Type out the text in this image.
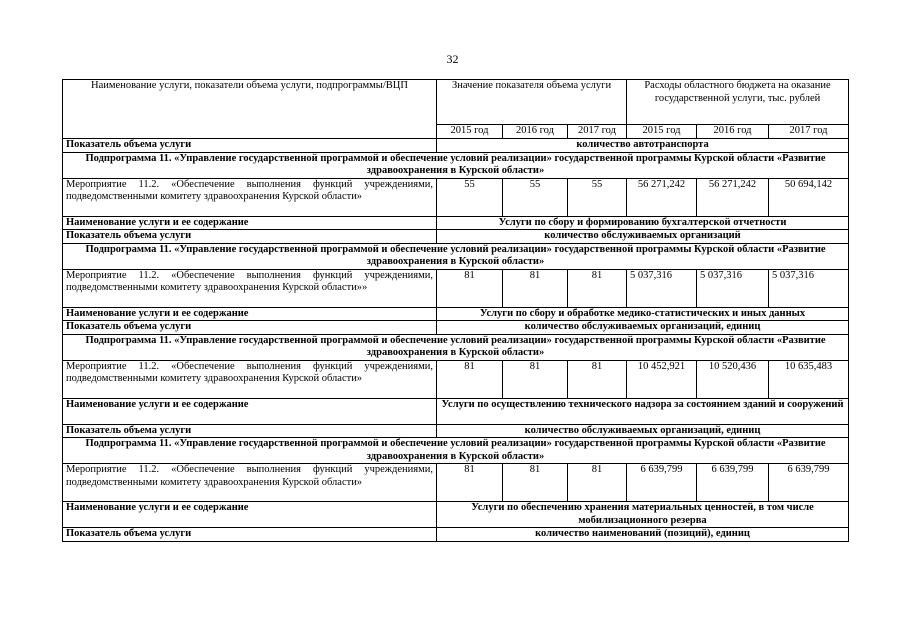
32
Наименование услуги, показатели объема услуги, подпрограммы/ВЦП	Значение показателя объема услуги			Расходы областного бюджета на оказание государственной услуги, тыс. рублей		
	2015 год	2016 год	2017 год	2015 год	2016 год	2017 год
Показатель объема услуги	количество автотранспорта					
Подпрограмма 11. «Управление государственной программой и обеспечение условий реализации» государственной программы Курской области «Развитие здравоохранения в Курской области»						
Мероприятие 11.2. «Обеспечение выполнения функций учреждениями, подведомственными комитету здравоохранения Курской области»	55	55	55	56 271,242	56 271,242	50 694,142
Наименование услуги и ее содержание	Услуги по сбору и формированию бухгалтерской отчетности					
Показатель объема услуги	количество обслуживаемых организаций					
Подпрограмма 11. «Управление государственной программой и обеспечение условий реализации» государственной программы Курской области «Развитие здравоохранения в Курской области»						
Мероприятие 11.2. «Обеспечение выполнения функций учреждениями, подведомственными комитету здравоохранения Курской области»»	81	81	81	5 037,316	5 037,316	5 037,316
Наименование услуги и ее содержание	Услуги по сбору и обработке медико-статистических и иных данных					
Показатель объема услуги	количество обслуживаемых организаций, единиц					
Подпрограмма 11. «Управление государственной программой и обеспечение условий реализации» государственной программы Курской области «Развитие здравоохранения в Курской области»						
Мероприятие 11.2. «Обеспечение выполнения функций учреждениями, подведомственными комитету здравоохранения Курской области»	81	81	81	10 452,921	10 520,436	10 635,483
Наименование услуги и ее содержание	Услуги по осуществлению технического надзора за состоянием зданий и сооружений					
Показатель объема услуги	количество обслуживаемых организаций, единиц					
Подпрограмма 11. «Управление государственной программой и обеспечение условий реализации» государственной программы Курской области «Развитие здравоохранения в Курской области»						
Мероприятие 11.2. «Обеспечение выполнения функций учреждениями, подведомственными комитету здравоохранения Курской области»	81	81	81	6 639,799	6 639,799	6 639,799
Наименование услуги и ее содержание	Услуги по обеспечению хранения материальных ценностей, в том числе мобилизационного резерва					
Показатель объема услуги	количество наименований (позиций), единиц					
